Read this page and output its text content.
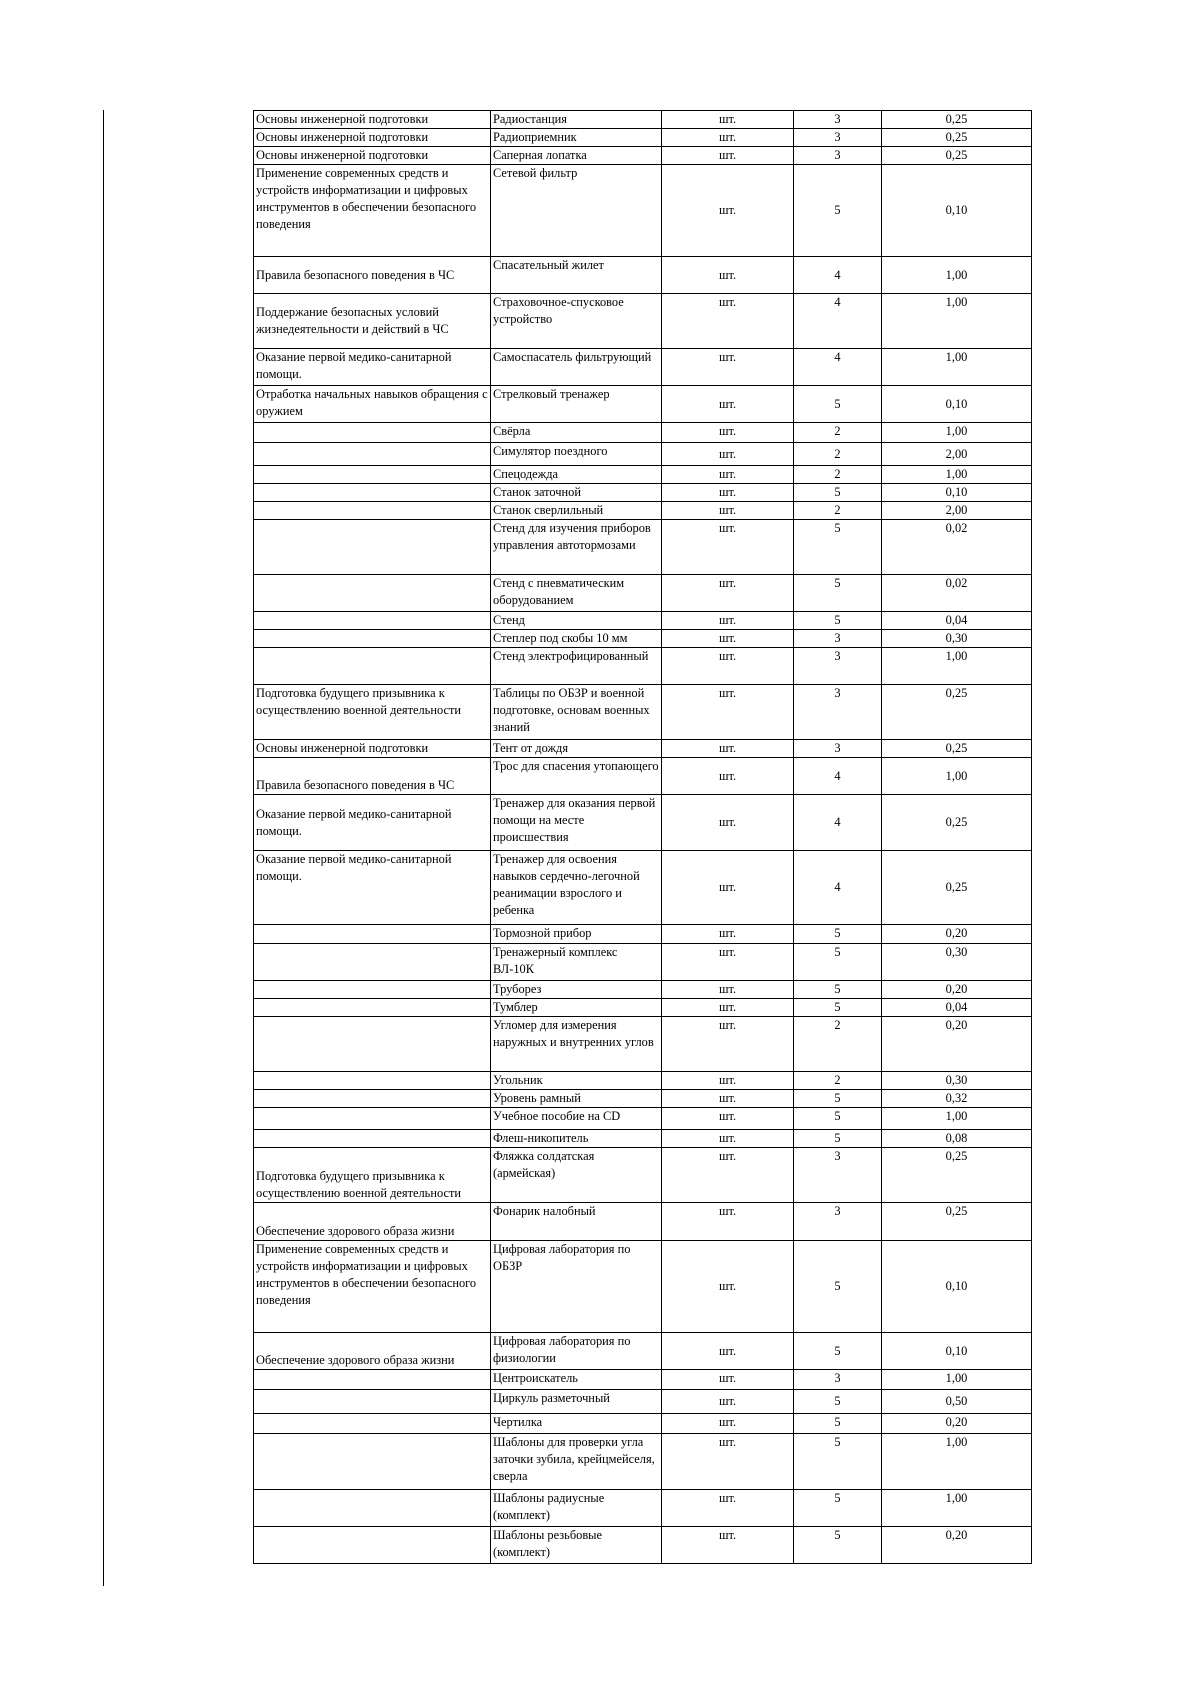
Основы инженерной подготовки	Радиостанция	шт.	3	0,25
Основы инженерной подготовки	Радиоприемник	шт.	3	0,25
Основы инженерной подготовки	Саперная лопатка	шт.	3	0,25
Применение современных средств и устройств информатизации и цифровых инструментов в обеспечении безопасного поведения	Сетевой фильтр	шт.	5	0,10
Правила безопасного поведения в ЧС	Спасательный жилет	шт.	4	1,00
Поддержание безопасных условий жизнедеятельности и действий в ЧС	Страховочное-спусковое устройство	шт.	4	1,00
Оказание первой медико-санитарной помощи.	Самоспасатель фильтрующий	шт.	4	1,00
Отработка начальных навыков обращения с оружием	Стрелковый тренажер	шт.	5	0,10
	Свёрла	шт.	2	1,00
	Симулятор поездного	шт.	2	2,00
	Спецодежда	шт.	2	1,00
	Станок заточной	шт.	5	0,10
	Станок сверлильный	шт.	2	2,00
	Стенд для изучения приборов управления автотормозами	шт.	5	0,02
	Стенд с пневматическим оборудованием	шт.	5	0,02
	Стенд	шт.	5	0,04
	Степлер под скобы 10 мм	шт.	3	0,30
	Стенд электрофицированный	шт.	3	1,00
Подготовка будущего призывника к осуществлению военной деятельности	Таблицы по ОБЗР и военной подготовке, основам военных знаний	шт.	3	0,25
Основы инженерной подготовки	Тент от дождя	шт.	3	0,25
Правила безопасного поведения в ЧС	Трос для спасения утопающего	шт.	4	1,00
Оказание первой медико-санитарной помощи.	Тренажер для оказания первой помощи на месте происшествия	шт.	4	0,25
Оказание первой медико-санитарной помощи.	Тренажер для освоения навыков сердечно-легочной реанимации взрослого и ребенка	шт.	4	0,25
	Тормозной прибор	шт.	5	0,20
	Тренажерный комплекс ВЛ-10К	шт.	5	0,30
	Труборез	шт.	5	0,20
	Тумблер	шт.	5	0,04
	Угломер для измерения наружных и внутренних углов	шт.	2	0,20
	Угольник	шт.	2	0,30
	Уровень рамный	шт.	5	0,32
	Учебное пособие на CD	шт.	5	1,00
	Флеш-никопитель	шт.	5	0,08
Подготовка будущего призывника к осуществлению военной деятельности	Фляжка солдатская (армейская)	шт.	3	0,25
Обеспечение здорового образа жизни	Фонарик налобный	шт.	3	0,25
Применение современных средств и устройств информатизации и цифровых инструментов в обеспечении безопасного поведения	Цифровая лаборатория по ОБЗР	шт.	5	0,10
Обеспечение здорового образа жизни	Цифровая лаборатория по физиологии	шт.	5	0,10
	Центроискатель	шт.	3	1,00
	Циркуль разметочный	шт.	5	0,50
	Чертилка	шт.	5	0,20
	Шаблоны для проверки угла заточки зубила, крейцмейселя, сверла	шт.	5	1,00
	Шаблоны радиусные (комплект)	шт.	5	1,00
	Шаблоны резьбовые (комплект)	шт.	5	0,20
